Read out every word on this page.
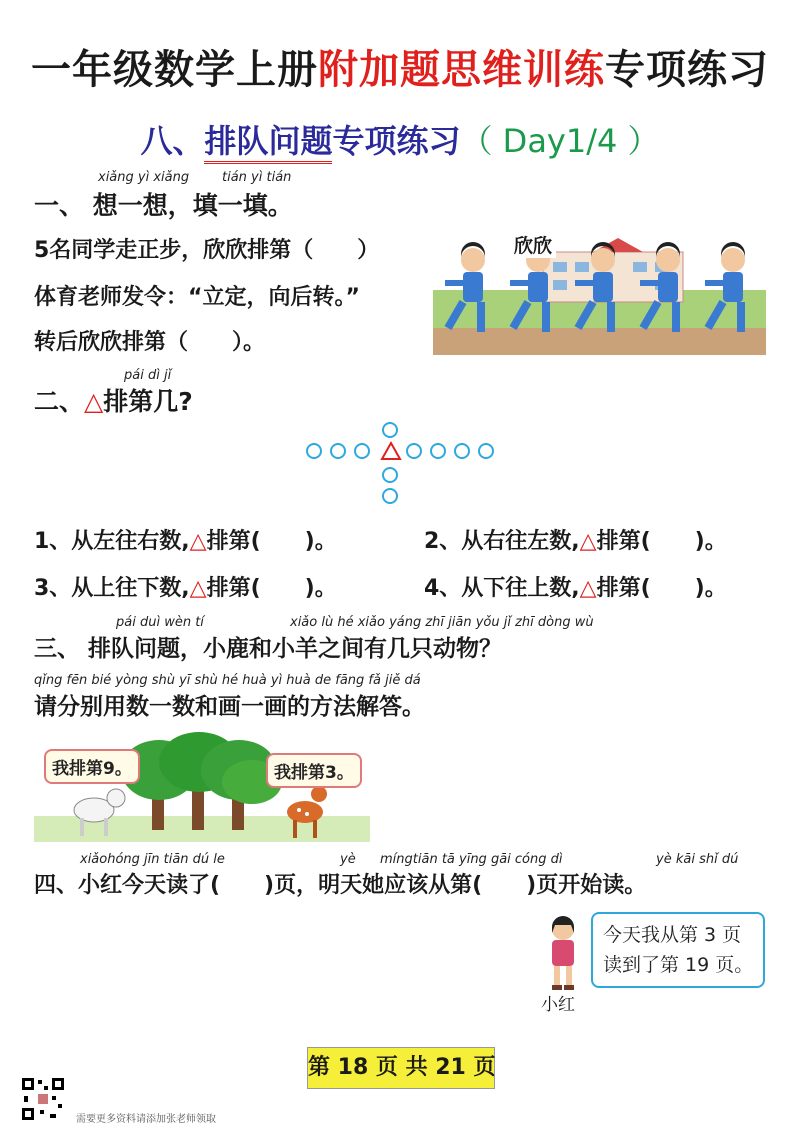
一年级数学上册附加题思维训练专项练习
八、排队问题专项练习（ Day1/4 ）
xiǎng yì xiǎng	tián yì tián
一、 想一想，填一填。
5名同学走正步，欣欣排第（　　）
体育老师发令：“立定，向后转。”
转后欣欣排第（　　）。
欣欣
pái dì jǐ
二、△排第几?
1、从左往右数,△排第(　　)。	2、从右往左数,△排第(　　)。
3、从上往下数,△排第(　　)。	4、从下往上数,△排第(　　)。
pái duì wèn tí	xiǎo lù hé xiǎo yáng zhī jiān yǒu jǐ zhī dòng wù
三、 排队问题，小鹿和小羊之间有几只动物？
qǐng fēn bié yòng shù yī shù hé huà yì huà de fāng fǎ jiě dá
请分别用数一数和画一画的方法解答。
我排第9。	我排第3。
xiǎohóng jīn tiān dú le	yè míngtiān tā yīng gāi cóng dì	yè kāi shǐ dú
四、小红今天读了(　　)页，明天她应该从第(　　)页开始读。
今天我从第 3 页
读到了第 19 页。
小红
第 18 页 共 21 页
需要更多资料请添加张老师领取
